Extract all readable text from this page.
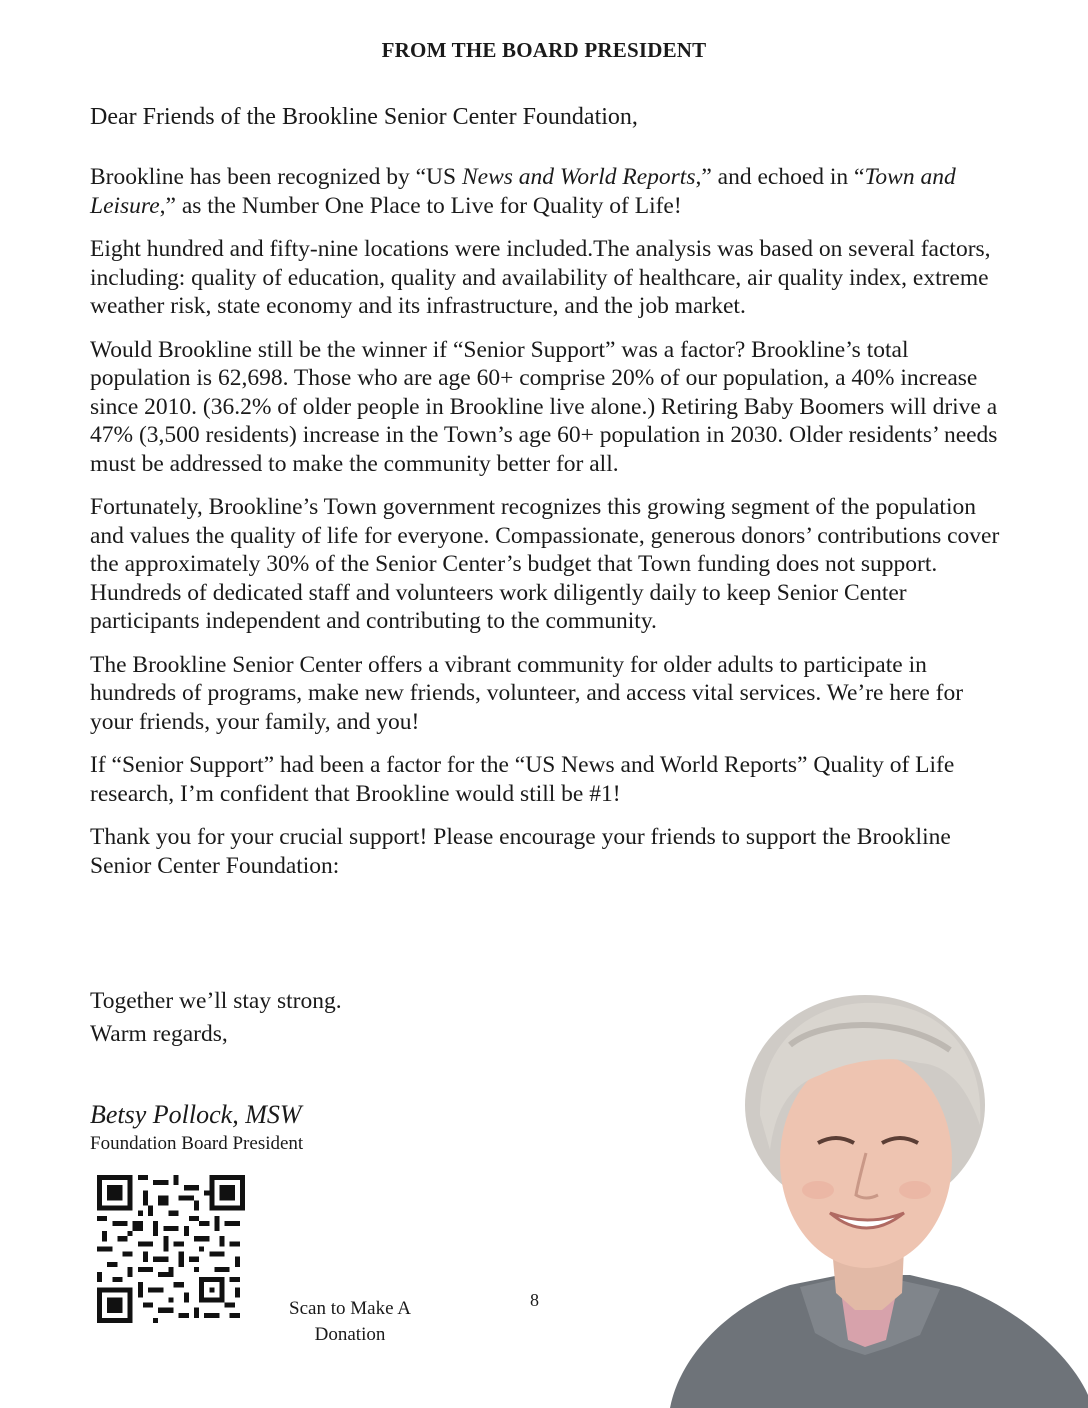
FROM THE BOARD PRESIDENT
Dear Friends of the Brookline Senior Center Foundation,

Brookline has been recognized by “US News and World Reports,” and echoed in “Town and Leisure,” as the Number One Place to Live for Quality of Life!

Eight hundred and fifty-nine locations were included.The analysis was based on several factors, including: quality of education, quality and availability of healthcare, air quality index, extreme weather risk, state economy and its infrastructure, and the job market.

Would Brookline still be the winner if “Senior Support” was a factor? Brookline’s total population is 62,698. Those who are age 60+ comprise 20% of our population, a 40% increase since 2010. (36.2% of older people in Brookline live alone.) Retiring Baby Boomers will drive a 47% (3,500 residents) increase in the Town’s age 60+ population in 2030. Older residents’ needs must be addressed to make the community better for all.

Fortunately, Brookline’s Town government recognizes this growing segment of the population and values the quality of life for everyone. Compassionate, generous donors’ contributions cover the approximately 30% of the Senior Center’s budget that Town funding does not support. Hundreds of dedicated staff and volunteers work diligently daily to keep Senior Center participants independent and contributing to the community.

The Brookline Senior Center offers a vibrant community for older adults to participate in hundreds of programs, make new friends, volunteer, and access vital services. We’re here for your friends, your family, and you!

If “Senior Support” had been a factor for the “US News and World Reports” Quality of Life research, I’m confident that Brookline would still be #1!

Thank you for your crucial support! Please encourage your friends to support the Brookline Senior Center Foundation:

Together we’ll stay strong.
Warm regards,
Betsy Pollock, MSW
Foundation Board President
Scan to Make A
Donation
8
